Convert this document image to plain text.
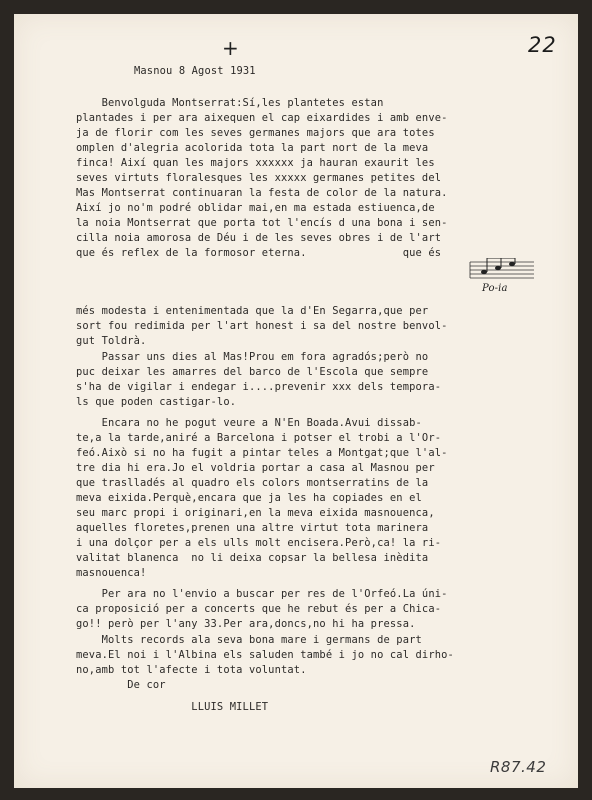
+	22
Masnou 8 Agost 1931
Benvolguda Montserrat:Sí,les plantetes estan
plantades i per ara aixequen el cap eixardides i amb enve-
ja de florir com les seves germanes majors que ara totes
omplen d'alegria acolorida tota la part nort de la meva
finca! Així quan les majors xxxxxx ja hauran exaurit les
seves virtuts floralesques les xxxxx germanes petites del
Mas Montserrat continuaran la festa de color de la natura.
Així jo no'm podré oblidar mai,en ma estada estiuenca,de
la noia Montserrat que porta tot l'encís d una bona i sen-
cilla noia amorosa de Déu i de les seves obres i de l'art
que és reflex de la formosor eterna.               que és
Po-ia
més modesta i entenimentada que la d'En Segarra,que per
sort fou redimida per l'art honest i sa del nostre benvol-
gut Toldrà.
Passar uns dies al Mas!Prou em fora agradós;però no
puc deixar les amarres del barco de l'Escola que sempre
s'ha de vigilar i endegar i....prevenir xxx dels tempora-
ls que poden castigar-lo.
Encara no he pogut veure a N'En Boada.Avui dissab-
te,a la tarde,aniré a Barcelona i potser el trobi a l'Or-
feó.Això si no ha fugit a pintar teles a Montgat;que l'al-
tre dia hi era.Jo el voldria portar a casa al Masnou per
que traslladés al quadro els colors montserratins de la
meva eixida.Perquè,encara que ja les ha copiades en el
seu marc propi i originari,en la meva eixida masnouenca,
aquelles floretes,prenen una altre virtut tota marinera
i una dolçor per a els ulls molt encisera.Però,ca! la ri-
valitat blanenca  no li deixa copsar la bellesa inèdita
masnouenca!
Per ara no l'envio a buscar per res de l'Orfeó.La úni-
ca proposició per a concerts que he rebut és per a Chica-
go!! però per l'any 33.Per ara,doncs,no hi ha pressa.
Molts records ala seva bona mare i germans de part
meva.El noi i l'Albina els saluden també i jo no cal dirho-
no,amb tot l'afecte i tota voluntat.
De cor
LLUIS MILLET
R87.42
